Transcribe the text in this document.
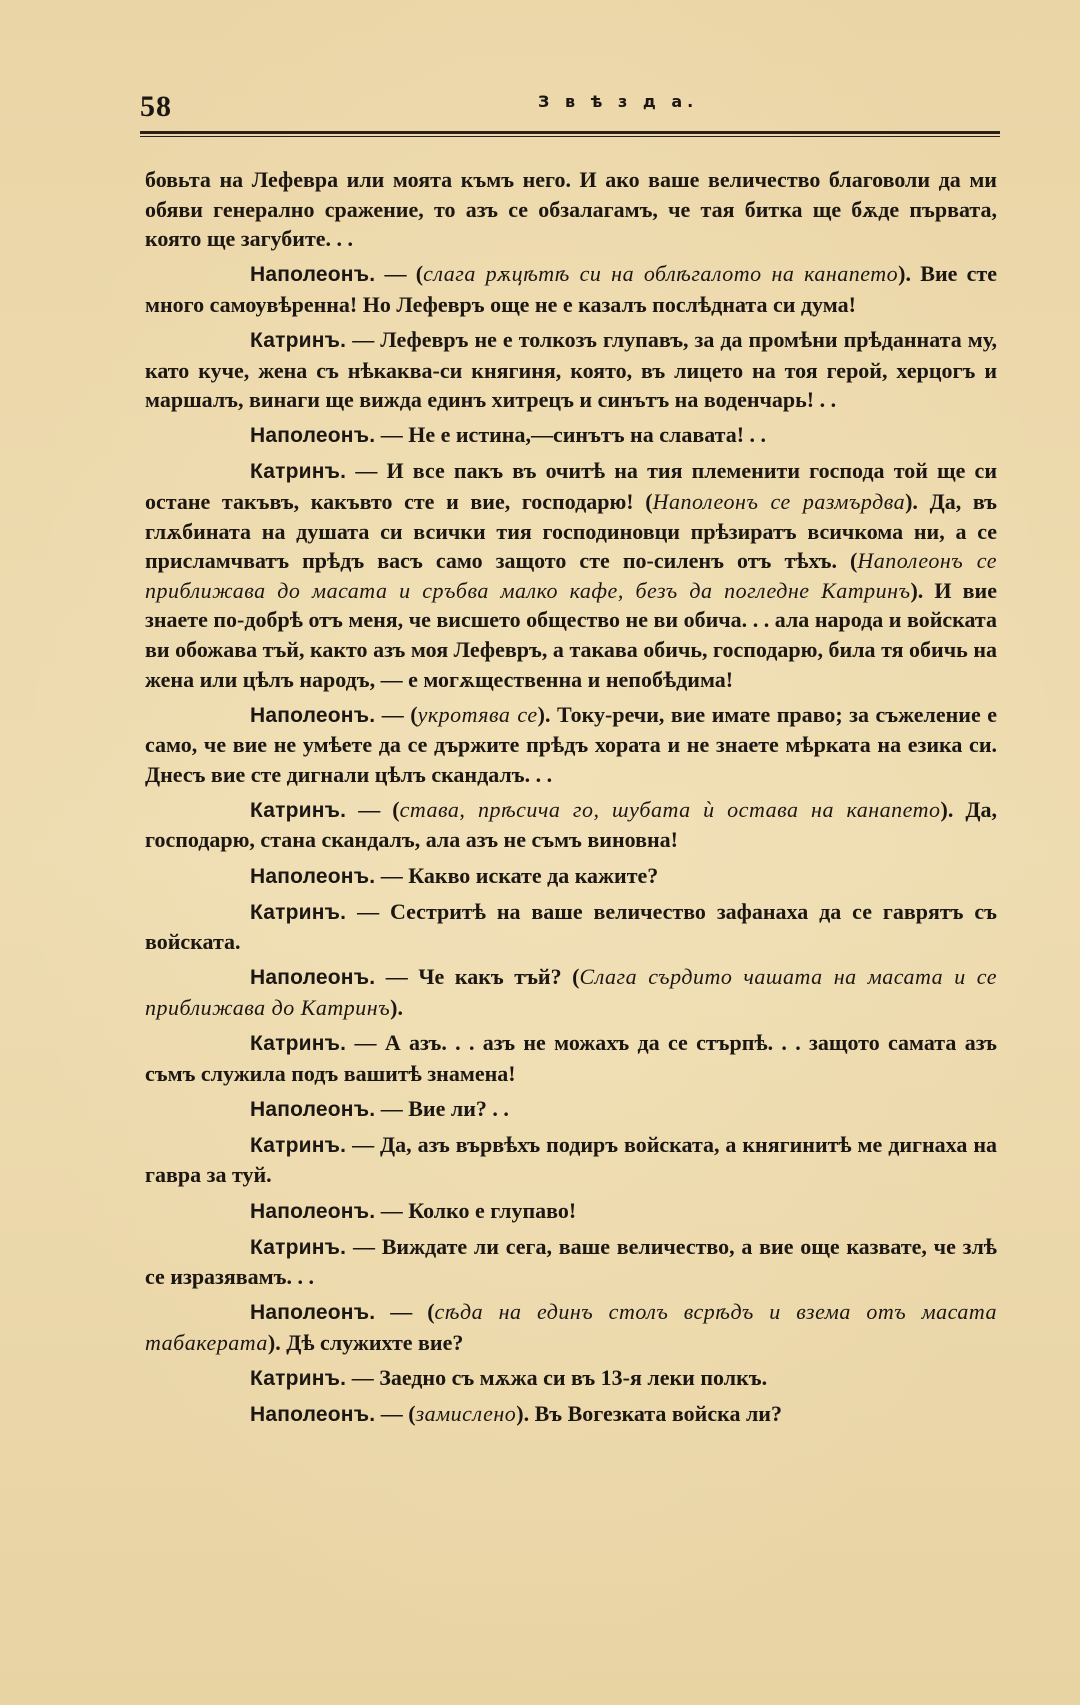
58	З в ѣ з д а.

бовьта на Лефевра или моята къмъ него. И ако ваше величество благоволи да ми обяви генерално сражение, то азъ се обзалагамъ, че тая битка ще бѫде първата, която ще загубите. . .

Наполеонъ. — (слага рѫцѣтѣ си на облѣгалото на канапето). Вие сте много самоувѣренна! Но Лефевръ още не е казалъ послѣдната си дума!

Катринъ. — Лефевръ не е толкозъ глупавъ, за да промѣни прѣданната му, като куче, жена съ нѣкаква-си княгиня, която, въ лицето на тоя герой, херцогъ и маршалъ, винаги ще вижда единъ хитрецъ и синътъ на воденчарь! . .

Наполеонъ. — Не е истина,—синътъ на славата! . .

Катринъ. — И все пакъ въ очитѣ на тия племенити господа той ще си остане такъвъ, какъвто сте и вие, господарю! (Наполеонъ се размърдва). Да, въ глѫбината на душата си всички тия господиновци прѣзиратъ всичкома ни, а се присламчватъ прѣдъ васъ само защото сте по-силенъ отъ тѣхъ. (Наполеонъ се приближава до масата и сръбва малко кафе, безъ да погледне Катринъ). И вие знаете по-добрѣ отъ меня, че висшето общество не ви обича. . . ала народа и войската ви обожава тъй, както азъ моя Лефевръ, а такава обичь, господарю, била тя обичь на жена или цѣлъ народъ, — е могѫщественна и непобѣдима!

Наполеонъ. — (укротява се). Току-речи, вие имате право; за съжеление е само, че вие не умѣете да се държите прѣдъ хората и не знаете мѣрката на езика си. Днесъ вие сте дигнали цѣлъ скандалъ. . .

Катринъ. — (става, прѣсича го, шубата ѝ остава на канапето). Да, господарю, стана скандалъ, ала азъ не съмъ виновна!

Наполеонъ. — Какво искате да кажите?

Катринъ. — Сестритѣ на ваше величество зафанаха да се гаврятъ съ войската.

Наполеонъ. — Че какъ тъй? (Слага сърдито чашата на масата и се приближава до Катринъ).

Катринъ. — А азъ. . . азъ не можахъ да се стърпѣ. . . защото самата азъ съмъ служила подъ вашитѣ знамена!

Наполеонъ. — Вие ли? . .

Катринъ. — Да, азъ вървѣхъ подиръ войската, а княгинитѣ ме дигнаха на гавра за туй.

Наполеонъ. — Колко е глупаво!

Катринъ. — Виждате ли сега, ваше величество, а вие още казвате, че злѣ се изразявамъ. . .

Наполеонъ. — (сѣда на единъ столъ всрѣдъ и взема отъ масата табакерата). Дѣ служихте вие?

Катринъ. — Заедно съ мѫжа си въ 13-я леки полкъ.

Наполеонъ. — (замислено). Въ Вогезката войска ли?
